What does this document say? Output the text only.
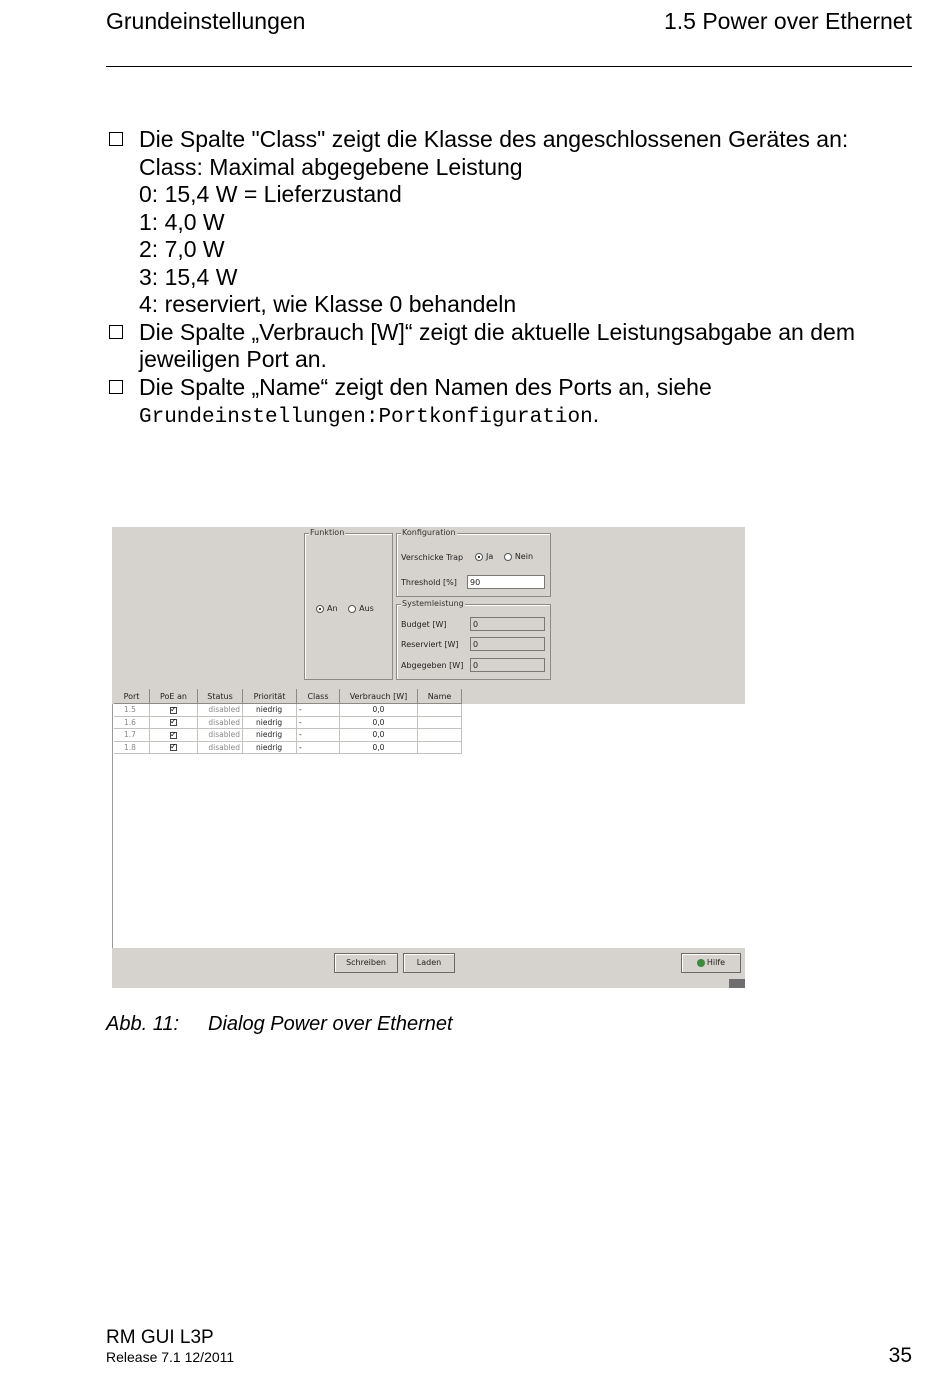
Grundeinstellungen	1.5 Power over Ethernet
Die Spalte "Class" zeigt die Klasse des angeschlossenen Gerätes an:
Class: Maximal abgegebene Leistung
0: 15,4 W = Lieferzustand
1: 4,0 W
2: 7,0 W
3: 15,4 W
4: reserviert, wie Klasse 0 behandeln
Die Spalte „Verbrauch [W]“ zeigt die aktuelle Leistungsabgabe an dem
jeweiligen Port an.
Die Spalte „Name“ zeigt den Namen des Ports an, siehe
Grundeinstellungen:Portkonfiguration.
Funktion
An	Aus
Konfiguration
Verschicke Trap	Ja	Nein
Threshold [%]	90
Systemleistung
Budget [W]	0
Reserviert [W]	0
Abgegeben [W]	0
Port	PoE an	Status	Priorität	Class	Verbrauch [W]	Name
1.5 ✓	disabled	niedrig	-	0,0
1.6 ✓	disabled	niedrig	-	0,0
1.7 ✓	disabled	niedrig	-	0,0
1.8 ✓	disabled	niedrig	-	0,0
Schreiben	Laden	Hilfe
Abb. 11: Dialog Power over Ethernet
RM GUI L3P
Release 7.1 12/2011	35
